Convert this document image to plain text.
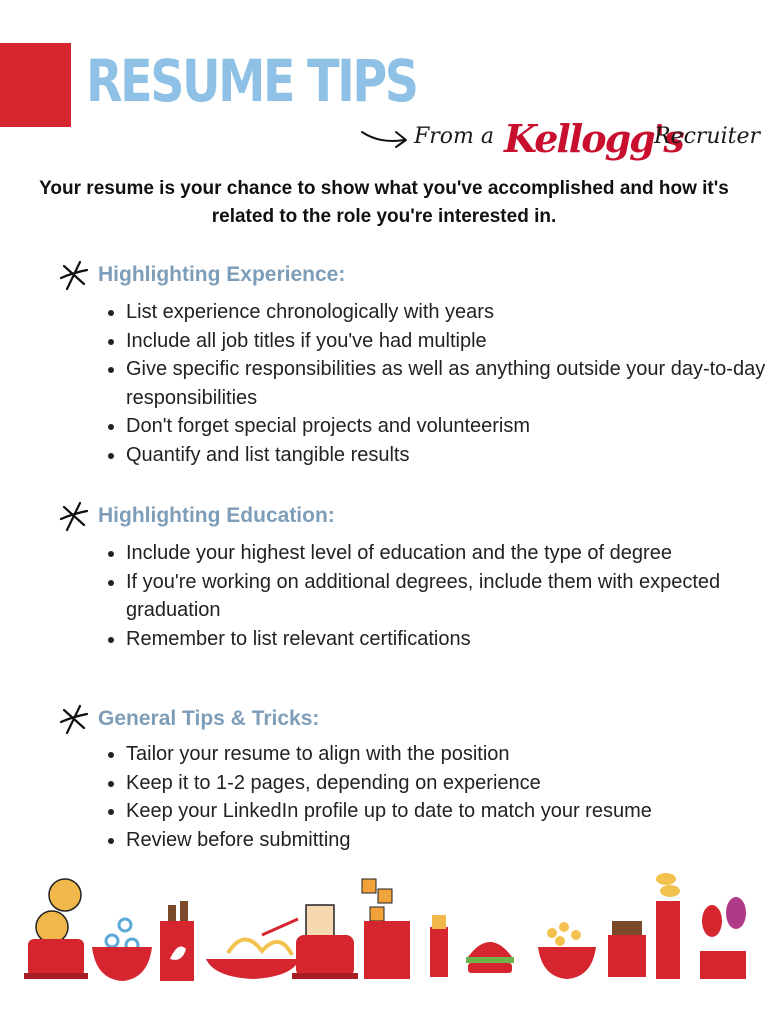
RESUME TIPS
From a Kellogg's
Recruiter

Your resume is your chance to show what you've accomplished and how it's related to the role you're interested in.

Highlighting Experience:
• List experience chronologically with years
• Include all job titles if you've had multiple
• Give specific responsibilities as well as anything outside your day-to-day responsibilities
• Don't forget special projects and volunteerism
• Quantify and list tangible results
Highlighting Education:
• Include your highest level of education and the type of degree
• If you're working on additional degrees, include them with expected graduation
• Remember to list relevant certifications
General Tips & Tricks:
• Tailor your resume to align with the position
• Keep it to 1-2 pages, depending on experience
• Keep your LinkedIn profile up to date to match your resume
• Review before submitting
